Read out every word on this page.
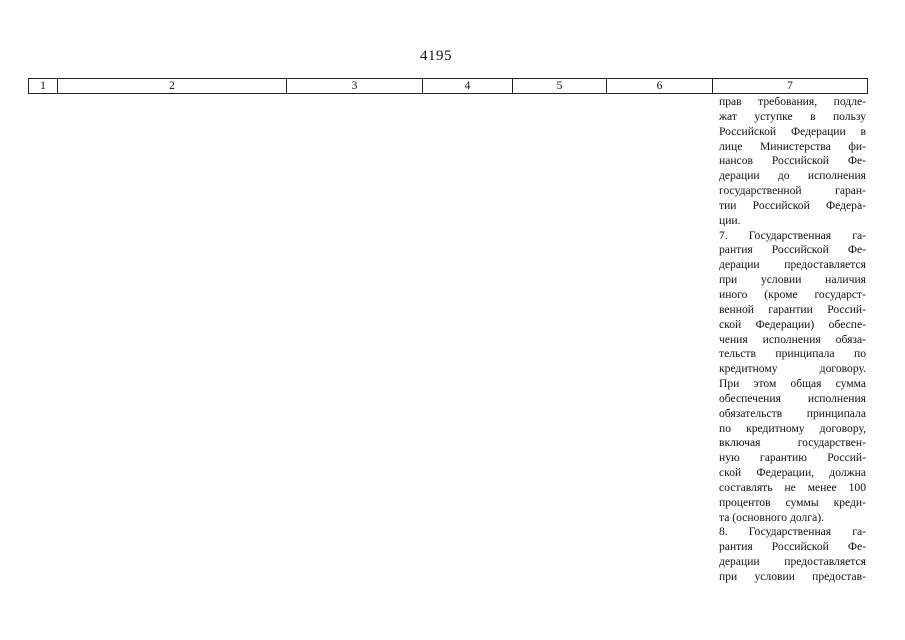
4195
1	2	3	4	5	6	7
прав требования, подле-
жат уступке в пользу
Российской Федерации в
лице Министерства фи-
нансов Российской Фе-
дерации до исполнения
государственной гаран-
тии Российской Федера-
ции.
7. Государственная га-
рантия Российской Фе-
дерации предоставляется
при условии наличия
иного (кроме государст-
венной гарантии Россий-
ской Федерации) обеспе-
чения исполнения обяза-
тельств принципала по
кредитному договору.
При этом общая сумма
обеспечения исполнения
обязательств принципала
по кредитному договору,
включая государствен-
ную гарантию Россий-
ской Федерации, должна
составлять не менее 100
процентов суммы креди-
та (основного долга).
8. Государственная га-
рантия Российской Фе-
дерации предоставляется
при условии предостав-
